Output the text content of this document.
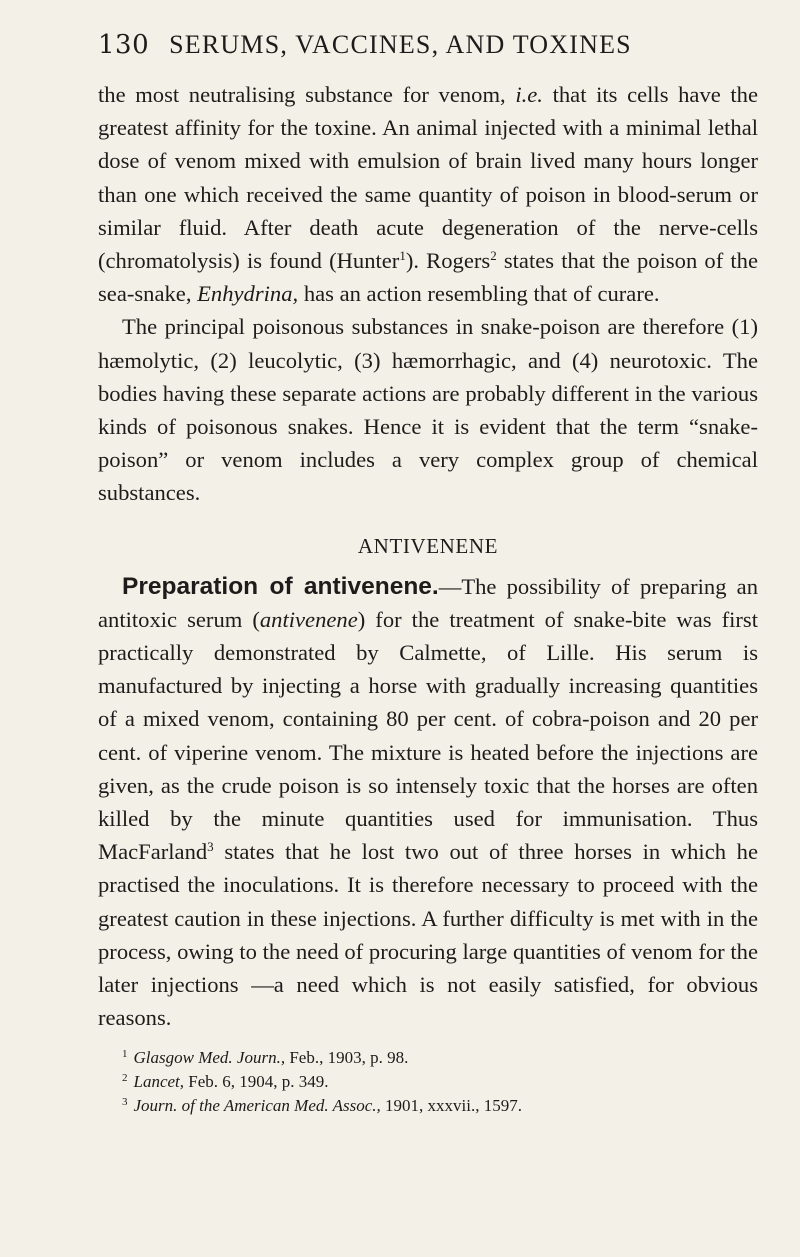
130 SERUMS, VACCINES, AND TOXINES

the most neutralising substance for venom, i.e. that its cells have the greatest affinity for the toxine. An animal injected with a minimal lethal dose of venom mixed with emulsion of brain lived many hours longer than one which received the same quantity of poison in blood-serum or similar fluid. After death acute degeneration of the nerve-cells (chromatolysis) is found (Hunter$^1$). Rogers$^2$ states that the poison of the sea-snake, Enhydrina, has an action resembling that of curare.

The principal poisonous substances in snake-poison are therefore (1) hæmolytic, (2) leucolytic, (3) hæmorrhagic, and (4) neurotoxic. The bodies having these separate actions are probably different in the various kinds of poisonous snakes. Hence it is evident that the term “snake-poison” or venom includes a very complex group of chemical substances.

ANTIVENENE

Preparation of antivenene.—The possibility of preparing an antitoxic serum (antivenene) for the treatment of snake-bite was first practically demonstrated by Calmette, of Lille. His serum is manufactured by injecting a horse with gradually increasing quantities of a mixed venom, containing 80 per cent. of cobra-poison and 20 per cent. of viperine venom. The mixture is heated before the injections are given, as the crude poison is so intensely toxic that the horses are often killed by the minute quantities used for immunisation. Thus MacFarland$^3$ states that he lost two out of three horses in which he practised the inoculations. It is therefore necessary to proceed with the greatest caution in these injections. A further difficulty is met with in the process, owing to the need of procuring large quantities of venom for the later injections —a need which is not easily satisfied, for obvious reasons.

$^1$ Glasgow Med. Journ., Feb., 1903, p. 98.

$^2$ Lancet, Feb. 6, 1904, p. 349.

$^3$ Journ. of the American Med. Assoc., 1901, xxxvii., 1597.
